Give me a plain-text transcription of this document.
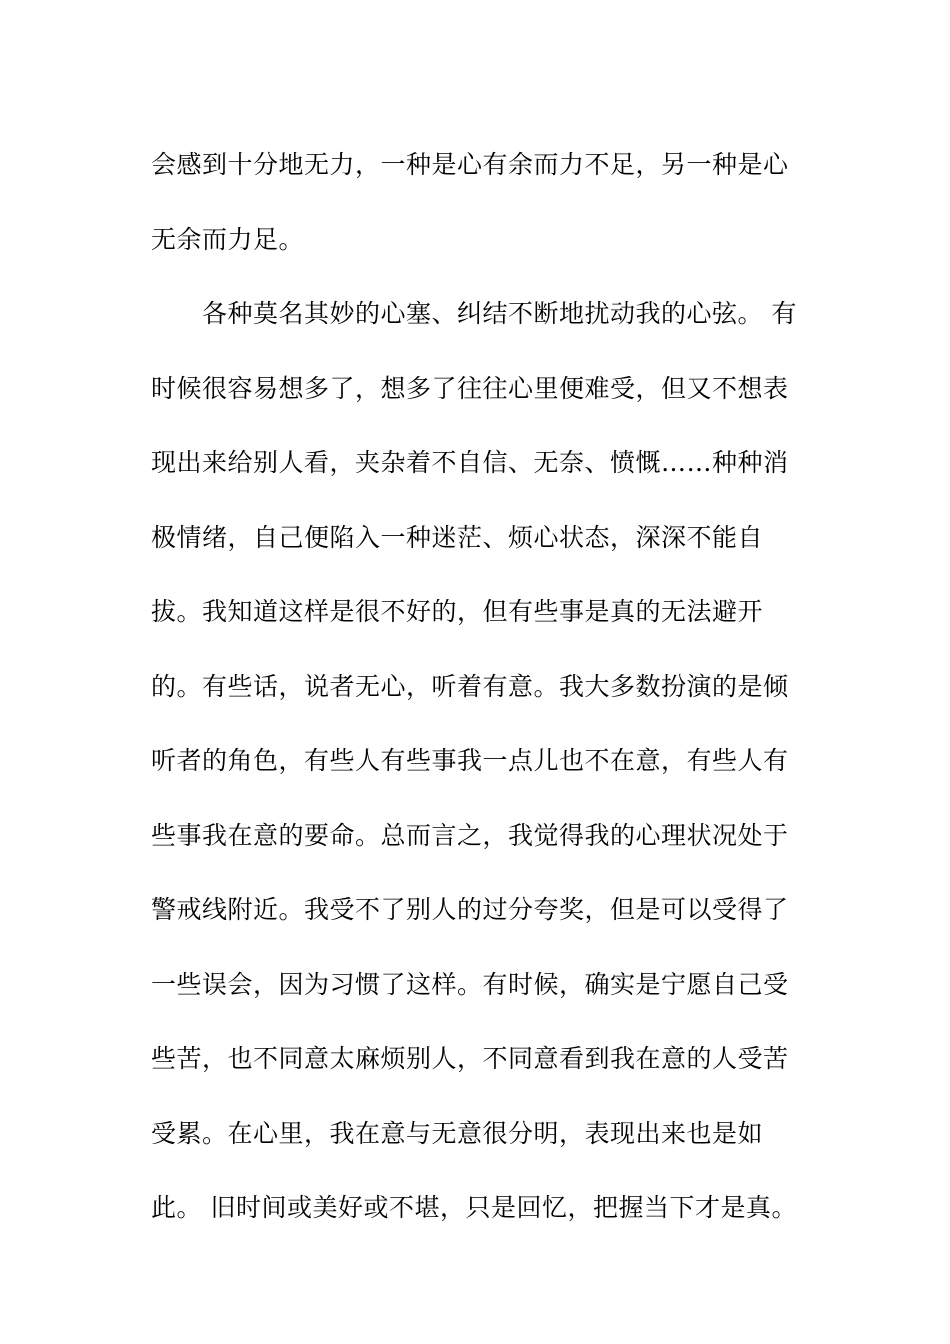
会感到十分地无力，一种是心有余而力不足，另一种是心
无余而力足。
各种莫名其妙的心塞、纠结不断地扰动我的心弦。 有
时候很容易想多了，想多了往往心里便难受，但又不想表
现出来给别人看，夹杂着不自信、无奈、愤慨……种种消
极情绪，自己便陷入一种迷茫、烦心状态，深深不能自
拔。我知道这样是很不好的，但有些事是真的无法避开
的。有些话，说者无心，听着有意。我大多数扮演的是倾
听者的角色，有些人有些事我一点儿也不在意，有些人有
些事我在意的要命。总而言之，我觉得我的心理状况处于
警戒线附近。我受不了别人的过分夸奖，但是可以受得了
一些误会，因为习惯了这样。有时候，确实是宁愿自己受
些苦，也不同意太麻烦别人，不同意看到我在意的人受苦
受累。在心里，我在意与无意很分明，表现出来也是如
此。 旧时间或美好或不堪，只是回忆，把握当下才是真。
